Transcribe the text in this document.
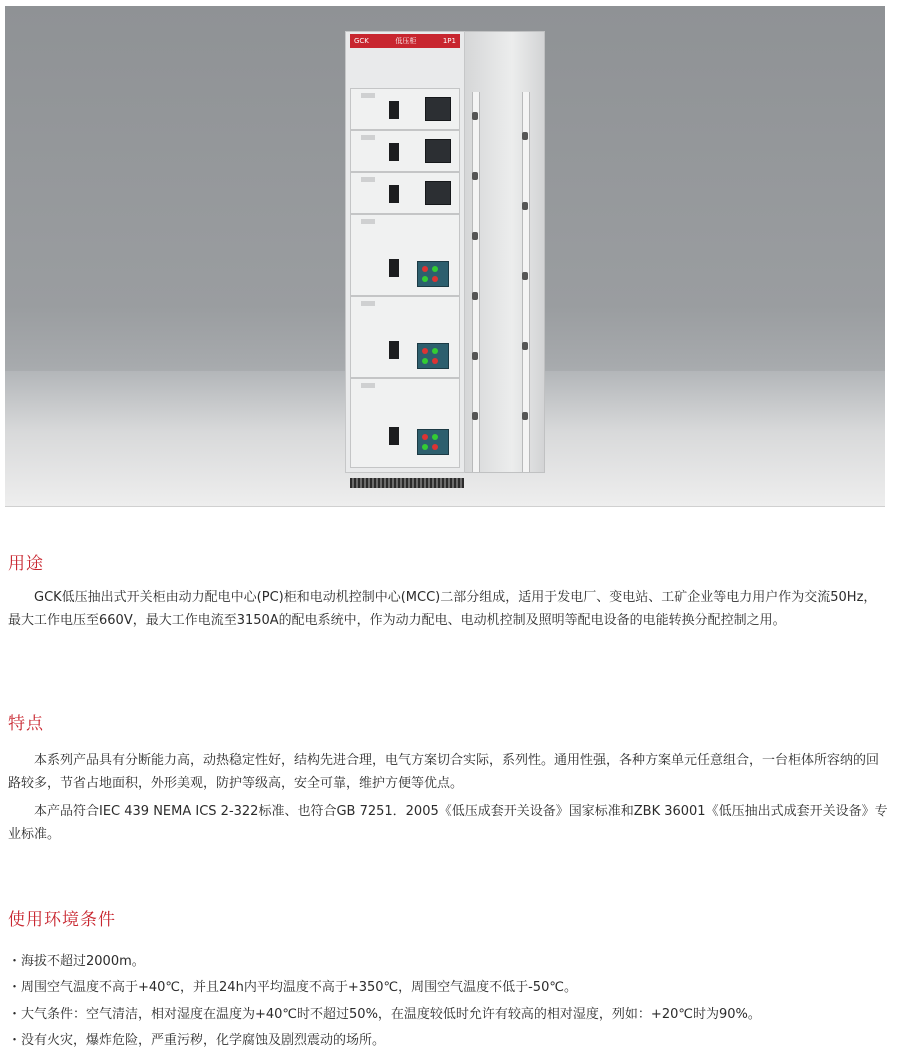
GCK	低压柜	1P1
用途

GCK低压抽出式开关柜由动力配电中心(PC)柜和电动机控制中心(MCC)二部分组成，适用于发电厂、变电站、工矿企业等电力用户作为交流50Hz，最大工作电压至660V，最大工作电流至3150A的配电系统中，作为动力配电、电动机控制及照明等配电设备的电能转换分配控制之用。

特点

本系列产品具有分断能力高，动热稳定性好，结构先进合理，电气方案切合实际，系列性。通用性强，各种方案单元任意组合，一台柜体所容纳的回路较多，节省占地面积，外形美观，防护等级高，安全可靠，维护方便等优点。

本产品符合IEC 439 NEMA ICS 2-322标准、也符合GB 7251．2005《低压成套开关设备》国家标准和ZBK 36001《低压抽出式成套开关设备》专业标准。

使用环境条件
・海拔不超过2000m。
・周围空气温度不高于+40℃，并且24h内平均温度不高于+350℃，周围空气温度不低于-50℃。
・大气条件：空气清洁，相对湿度在温度为+40℃时不超过50%，在温度较低时允许有较高的相对湿度，列如：+20℃时为90%。
・没有火灾，爆炸危险，严重污秽，化学腐蚀及剧烈震动的场所。
